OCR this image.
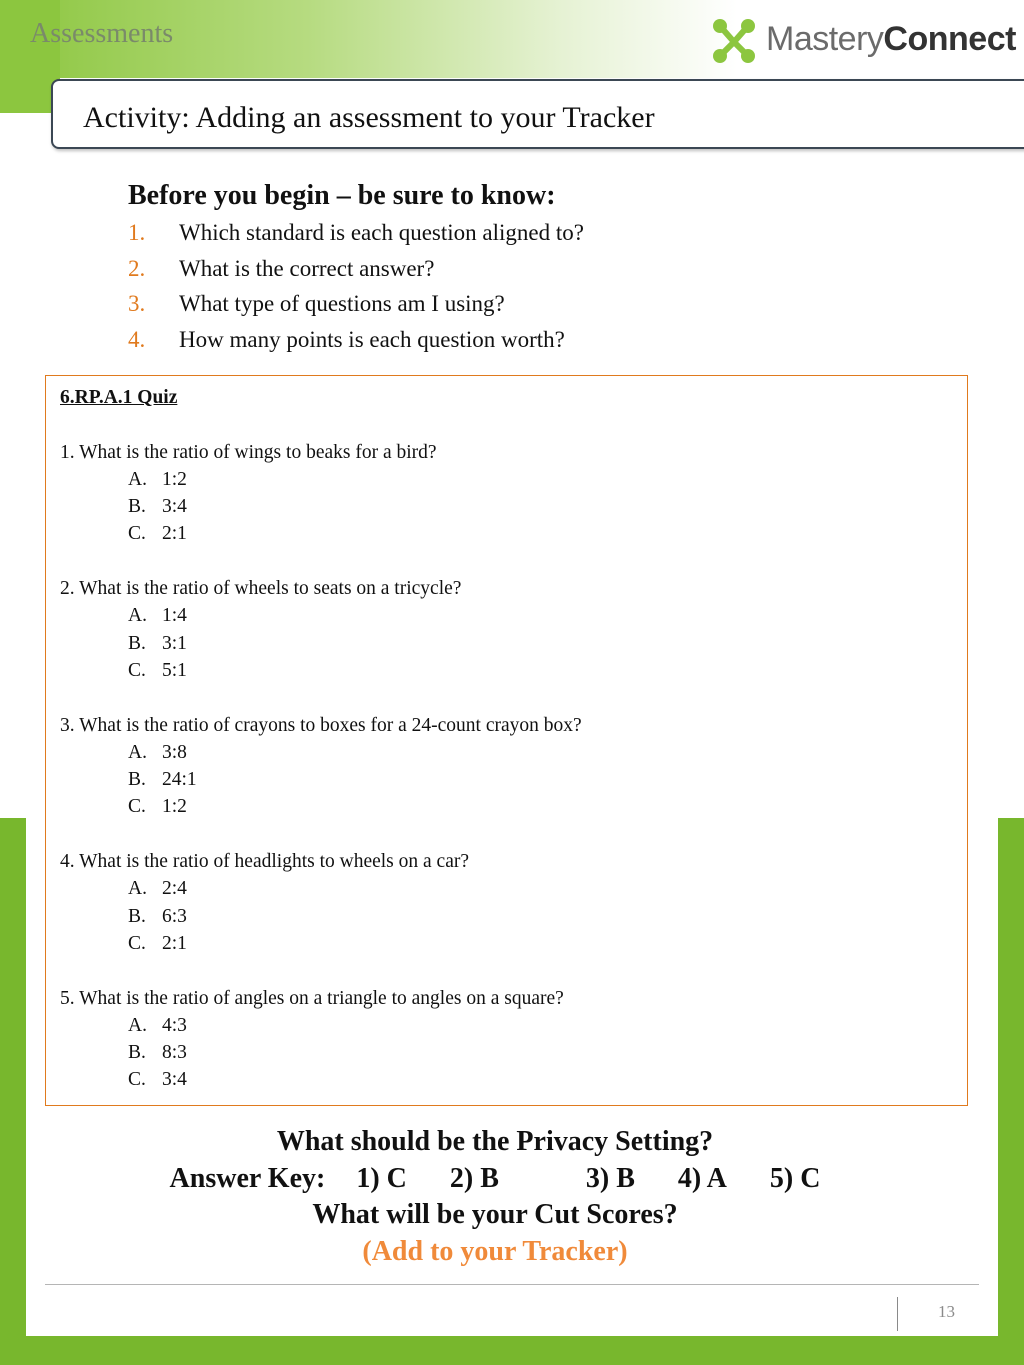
Assessments	MasteryConnect
Activity: Adding an assessment to your Tracker
Before you begin – be sure to know:
1. Which standard is each question aligned to?
2. What is the correct answer?
3. What type of questions am I using?
4. How many points is each question worth?
6.RP.A.1 Quiz
1. What is the ratio of wings to beaks for a bird?
A. 1:2
B. 3:4
C. 2:1
2. What is the ratio of wheels to seats on a tricycle?
A. 1:4
B. 3:1
C. 5:1
3. What is the ratio of crayons to boxes for a 24-count crayon box?
A. 3:8
B. 24:1
C. 1:2
4. What is the ratio of headlights to wheels on a car?
A. 2:4
B. 6:3
C. 2:1
5. What is the ratio of angles on a triangle to angles on a square?
A. 4:3
B. 8:3
C. 3:4
What should be the Privacy Setting?
Answer Key: 1) C 2) B	3) B 4) A 5) C
What will be your Cut Scores?
(Add to your Tracker)
13
